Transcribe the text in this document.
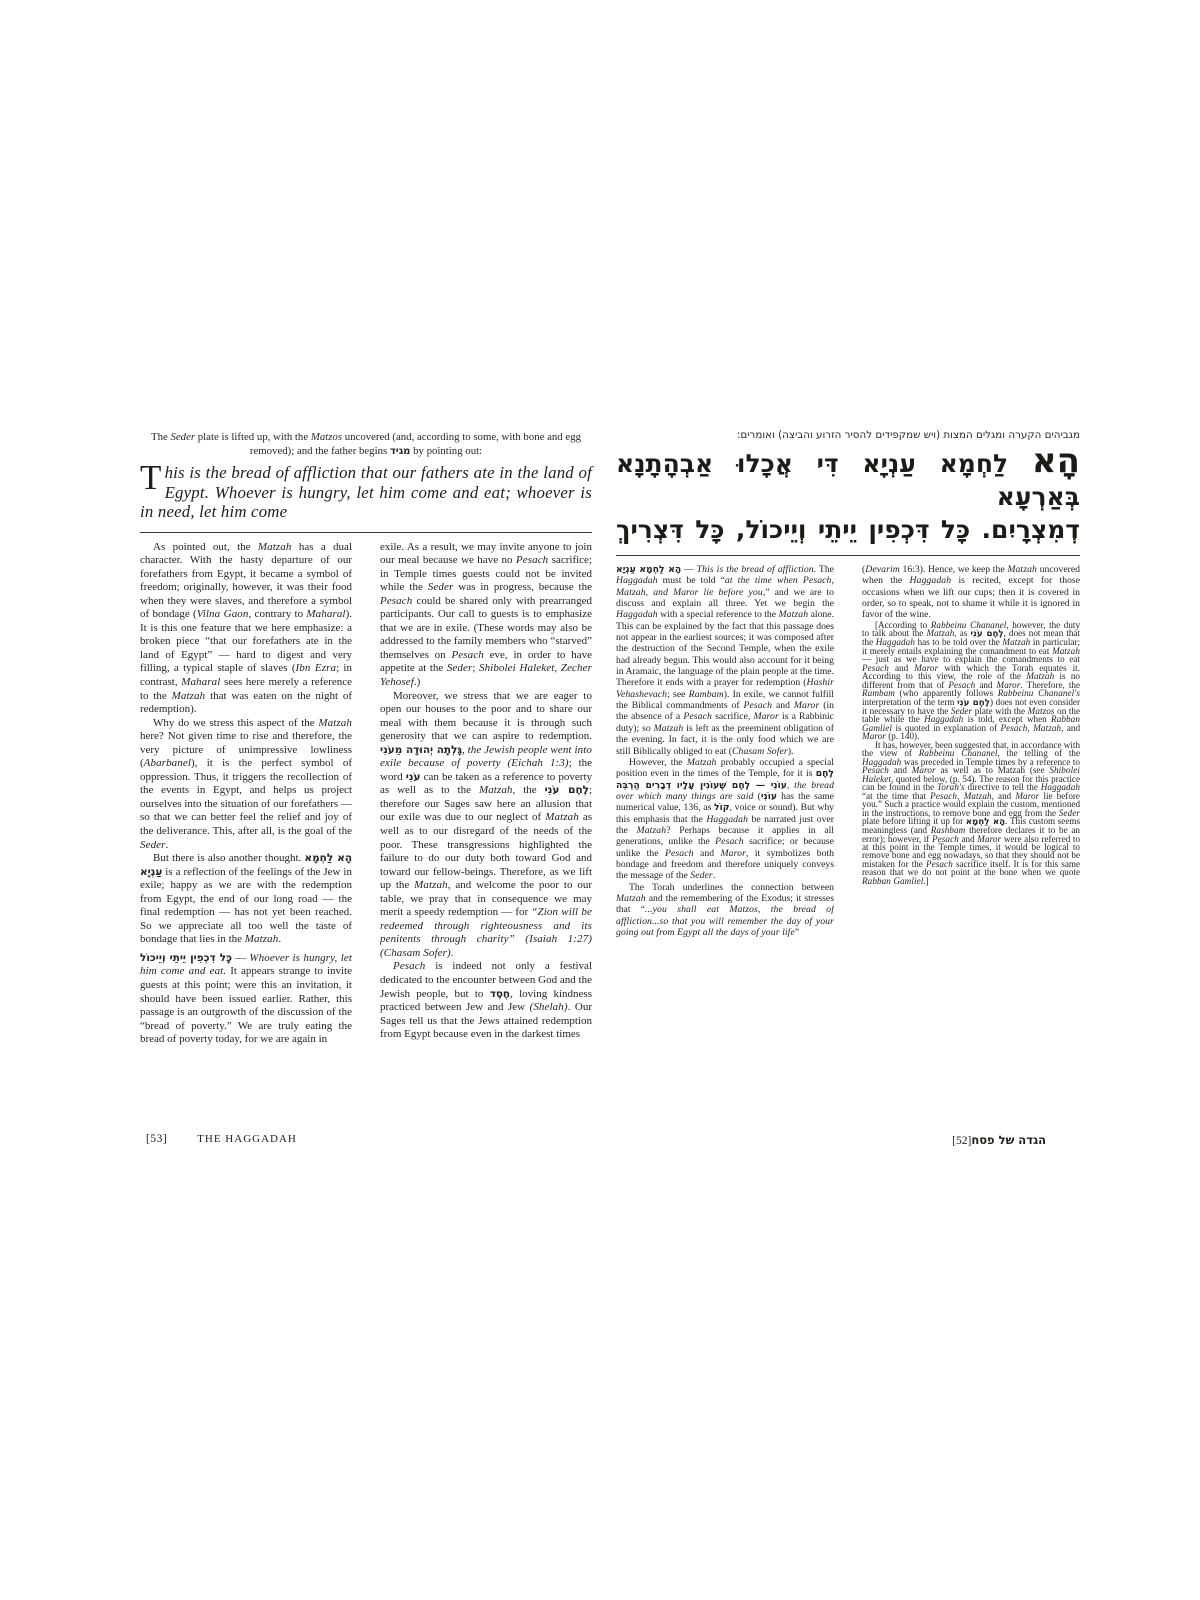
The Seder plate is lifted up, with the Matzos uncovered (and, according to some, with bone and egg removed); and the father begins מגיד by pointing out:
This is the bread of affliction that our fathers ate in the land of Egypt. Whoever is hungry, let him come and eat; whoever is in need, let him come

As pointed out, the Matzah has a dual character. With the hasty departure of our forefathers from Egypt, it became a symbol of freedom; originally, however, it was their food when they were slaves, and therefore a symbol of bondage (Vilna Gaon, contrary to Maharal). It is this one feature that we here emphasize: a broken piece “that our forefathers ate in the land of Egypt” — hard to digest and very filling, a typical staple of slaves (Ibn Ezra; in contrast, Maharal sees here merely a reference to the Matzah that was eaten on the night of redemption).

Why do we stress this aspect of the Matzah here? Not given time to rise and therefore, the very picture of unimpressive lowliness (Abarbanel), it is the perfect symbol of oppression. Thus, it triggers the recollection of the events in Egypt, and helps us project ourselves into the situation of our forefathers — so that we can better feel the relief and joy of the deliverance. This, after all, is the goal of the Seder.

But there is also another thought. הָא לַחְמָא עַנְיָא is a reflection of the feelings of the Jew in exile; happy as we are with the redemption from Egypt, the end of our long road — the final redemption — has not yet been reached. So we appreciate all too well the taste of bondage that lies in the Matzah.

כָּל דִכְפִין יֵיתֵי וְיֵיכוֹל — Whoever is hungry, let him come and eat. It appears strange to invite guests at this point; were this an invitation, it should have been issued earlier. Rather, this passage is an outgrowth of the discussion of the “bread of poverty.” We are truly eating the bread of poverty today, for we are again in

exile. As a result, we may invite anyone to join our meal because we have no Pesach sacrifice; in Temple times guests could not be invited while the Seder was in progress, because the Pesach could be shared only with prearranged participants. Our call to guests is to emphasize that we are in exile. (These words may also be addressed to the family members who “starved” themselves on Pesach eve, in order to have appetite at the Seder; Shibolei Haleket, Zecher Yehosef.)

Moreover, we stress that we are eager to open our houses to the poor and to share our meal with them because it is through such generosity that we can aspire to redemption. גָּלְתָה יְהוּדָה מֵעֹנִי, the Jewish people went into exile because of poverty (Eichah 1:3); the word עֹנִי can be taken as a reference to poverty as well as to the Matzah, the לֶחֶם עֹנִי; therefore our Sages saw here an allusion that our exile was due to our neglect of Matzah as well as to our disregard of the needs of the poor. These transgressions highlighted the failure to do our duty both toward God and toward our fellow-beings. Therefore, as we lift up the Matzah, and welcome the poor to our table, we pray that in consequence we may merit a speedy redemption — for “Zion will be redeemed through righteousness and its penitents through charity” (Isaiah 1:27) (Chasam Sofer).

Pesach is indeed not only a festival dedicated to the encounter between God and the Jewish people, but to חֶסֶד, loving kindness practiced between Jew and Jew (Shelah). Our Sages tell us that the Jews attained redemption from Egypt because even in the darkest times

[53]	THE HAGGADAH
מגביהים הקערה ומגלים המצות (ויש שמקפידים להסיר הזרוע והביצה) ואומרים:
הָא לַחְמָא עַנְיָא דִּי אֲכָלוּ אַבְהָתָנָא בְּאַרְעָא
דְמִצְרָיִם. כָּל דִּכְפִין יֵיתֵי וְיֵיכוֹל, כָּל דִּצְרִיךְ

הָא לַחְמָא עַנְיָא — This is the bread of affliction. The Haggadah must be told “at the time when Pesach, Matzah, and Maror lie before you,” and we are to discuss and explain all three. Yet we begin the Haggadah with a special reference to the Matzah alone. This can be explained by the fact that this passage does not appear in the earliest sources; it was composed after the destruction of the Second Temple, when the exile had already begun. This would also account for it being in Aramaic, the language of the plain people at the time. Therefore it ends with a prayer for redemption (Hashir Vehashevach; see Rambam). In exile, we cannot fulfill the Biblical commandments of Pesach and Maror (in the absence of a Pesach sacrifice, Maror is a Rabbinic duty); so Matzah is left as the preeminent obligation of the evening. In fact, it is the only food which we are still Biblically obliged to eat (Chasam Sofer).

However, the Matzah probably occupied a special position even in the times of the Temple, for it is לֶחֶם עוֹנִי — לֶחֶם שֶׁעוֹנִין עָלָיו דְבָרִים הַרְבֵּה, the bread over which many things are said (עוֹנִי has the same numerical value, 136, as קוֹל, voice or sound). But why this emphasis that the Haggadah be narrated just over the Matzah? Perhaps because it applies in all generations, unlike the Pesach sacrifice; or because unlike the Pesach and Maror, it symbolizes both bondage and freedom and therefore uniquely conveys the message of the Seder.

The Torah underlines the connection between Matzah and the remembering of the Exodus; it stresses that “...you shall eat Matzos, the bread of affliction...so that you will remember the day of your going out from Egypt all the days of your life”

(Devarim 16:3). Hence, we keep the Matzah uncovered when the Haggadah is recited, except for those occasions when we lift our cups; then it is covered in order, so to speak, not to shame it while it is ignored in favor of the wine.

[According to Rabbeinu Chananel, however, the duty to talk about the Matzah, as לֶחֶם עֹנִי, does not mean that the Haggadah has to be told over the Matzah in particular; it merely entails explaining the comandment to eat Matzah — just as we have to explain the comandments to eat Pesach and Maror with which the Torah equates it. According to this view, the role of the Matzah is no different from that of Pesach and Maror. Therefore, the Rambam (who apparently follows Rabbeinu Chananel's interpretation of the term לֶחֶם עֹנִי) does not even consider it necessary to have the Seder plate with the Matzos on the table while the Haggadah is told, except when Rabban Gamliel is quoted in explanation of Pesach, Matzah, and Maror (p. 140).

It has, however, been suggested that, in accordance with the view of Rabbeinu Chananel, the telling of the Haggadah was preceded in Temple times by a reference to Pesach and Maror as well as to Matzah (see Shibolei Haleket, quoted below, (p. 54). The reason for this practice can be found in the Torah's directive to tell the Haggadah “at the time that Pesach, Matzah, and Maror lie before you.” Such a practice would explain the custom, mentioned in the instructions, to remove bone and egg from the Seder plate before lifting it up for הָא לַחְמָא. This custom seems meaningless (and Rashbam therefore declares it to be an error); however, if Pesach and Maror were also referred to at this point in the Temple times, it would be logical to remove bone and egg nowadays, so that they should not be mistaken for the Pesach sacrifice itself. It is for this same reason that we do not point at the bone when we quote Rabban Gamliel.]

הגדה של פסח[52]
